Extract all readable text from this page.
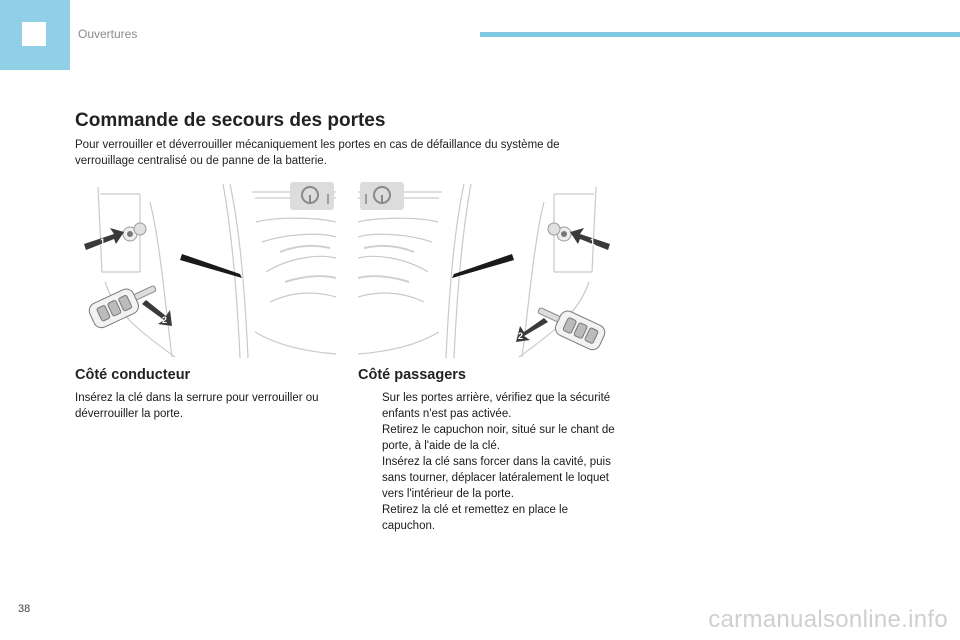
Ouvertures
Commande de secours des portes

Pour verrouiller et déverrouiller mécaniquement les portes en cas de défaillance du système de verrouillage centralisé ou de panne de la batterie.

1
2
1
2
Côté conducteur

Insérez la clé dans la serrure pour verrouiller ou déverrouiller la porte.

Côté passagers
Sur les portes arrière, vérifiez que la sécurité enfants n'est pas activée.
Retirez le capuchon noir, situé sur le chant de porte, à l'aide de la clé.
Insérez la clé sans forcer dans la cavité, puis sans tourner, déplacer latéralement le loquet vers l'intérieur de la porte.
Retirez la clé et remettez en place le capuchon.
38	carmanualsonline.info
